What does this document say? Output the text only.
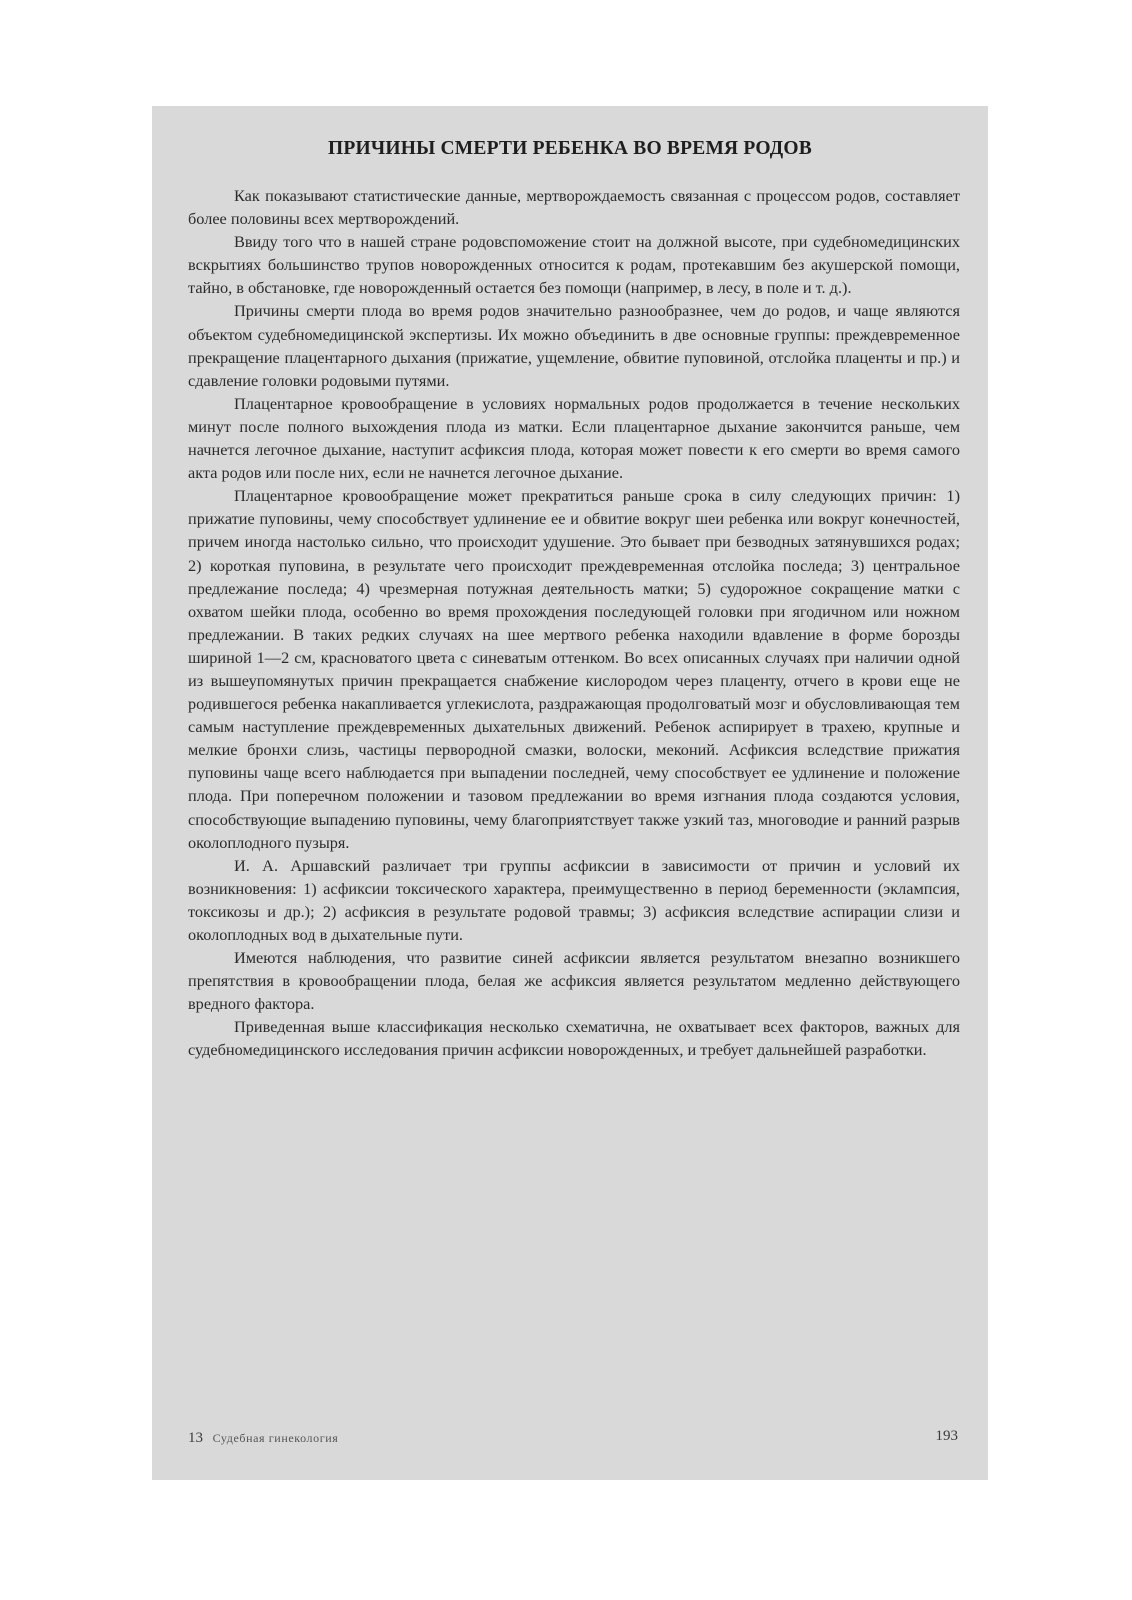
ПРИЧИНЫ СМЕРТИ РЕБЕНКА ВО ВРЕМЯ РОДОВ

Как показывают статистические данные, мертворождаемость связанная с процессом родов, составляет более половины всех мертворождений.

Ввиду того что в нашей стране родовспоможение стоит на должной высоте, при судебномедицинских вскрытиях большинство трупов новорожденных относится к родам, протекавшим без акушерской помощи, тайно, в обстановке, где новорожденный остается без помощи (например, в лесу, в поле и т. д.).

Причины смерти плода во время родов значительно разнообразнее, чем до родов, и чаще являются объектом судебномедицинской экспертизы. Их можно объединить в две основные группы: преждевременное прекращение плацентарного дыхания (прижатие, ущемление, обвитие пуповиной, отслойка плаценты и пр.) и сдавление головки родовыми путями.

Плацентарное кровообращение в условиях нормальных родов продолжается в течение нескольких минут после полного выхождения плода из матки. Если плацентарное дыхание закончится раньше, чем начнется легочное дыхание, наступит асфиксия плода, которая может повести к его смерти во время самого акта родов или после них, если не начнется легочное дыхание.

Плацентарное кровообращение может прекратиться раньше срока в силу следующих причин: 1) прижатие пуповины, чему способствует удлинение ее и обвитие вокруг шеи ребенка или вокруг конечностей, причем иногда настолько сильно, что происходит удушение. Это бывает при безводных затянувшихся родах; 2) короткая пуповина, в результате чего происходит преждевременная отслойка последа; 3) центральное предлежание последа; 4) чрезмерная потужная деятельность матки; 5) судорожное сокращение матки с охватом шейки плода, особенно во время прохождения последующей головки при ягодичном или ножном предлежании. В таких редких случаях на шее мертвого ребенка находили вдавление в форме борозды шириной 1—2 см, красноватого цвета с синеватым оттенком. Во всех описанных случаях при наличии одной из вышеупомянутых причин прекращается снабжение кислородом через плаценту, отчего в крови еще не родившегося ребенка накапливается углекислота, раздражающая продолговатый мозг и обусловливающая тем самым наступление преждевременных дыхательных движений. Ребенок аспирирует в трахею, крупные и мелкие бронхи слизь, частицы первородной смазки, волоски, меконий. Асфиксия вследствие прижатия пуповины чаще всего наблюдается при выпадении последней, чему способствует ее удлинение и положение плода. При поперечном положении и тазовом предлежании во время изгнания плода создаются условия, способствующие выпадению пуповины, чему благоприятствует также узкий таз, многоводие и ранний разрыв околоплодного пузыря.

И. А. Аршавский различает три группы асфиксии в зависимости от причин и условий их возникновения: 1) асфиксии токсического характера, преимущественно в период беременности (эклампсия, токсикозы и др.); 2) асфиксия в результате родовой травмы; 3) асфиксия вследствие аспирации слизи и околоплодных вод в дыхательные пути.

Имеются наблюдения, что развитие синей асфиксии является результатом внезапно возникшего препятствия в кровообращении плода, белая же асфиксия является результатом медленно действующего вредного фактора.

Приведенная выше классификация несколько схематична, не охватывает всех факторов, важных для судебномедицинского исследования причин асфиксии новорожденных, и требует дальнейшей разработки.

13 Судебная гинекология	193
